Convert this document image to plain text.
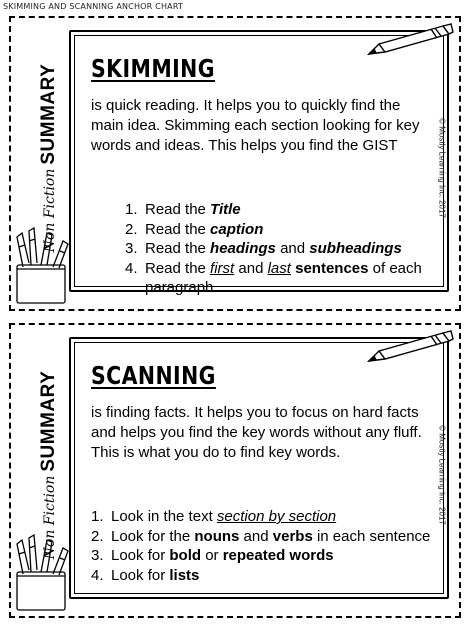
SKIMMING AND SCANNING ANCHOR CHART
Non Fiction
SUMMARY SKIMMING
is quick reading. It helps you to quickly find the main idea. Skimming each section looking for key words and ideas. This helps you find the GIST
1. Read the Title
2. Read the caption
3. Read the headings and subheadings
4. Read the first and last sentences of each paragraph
© Mostly Learning Inc. 2017
Non Fiction
SUMMARY SCANNING
is finding facts. It helps you to focus on hard facts and helps you find the key words without any fluff. This is what you do to find key words.
1. Look in the text section by section
2. Look for the nouns and verbs in each sentence
3. Look for bold or repeated words
4. Look for lists
© Mostly Learning Inc. 2017
